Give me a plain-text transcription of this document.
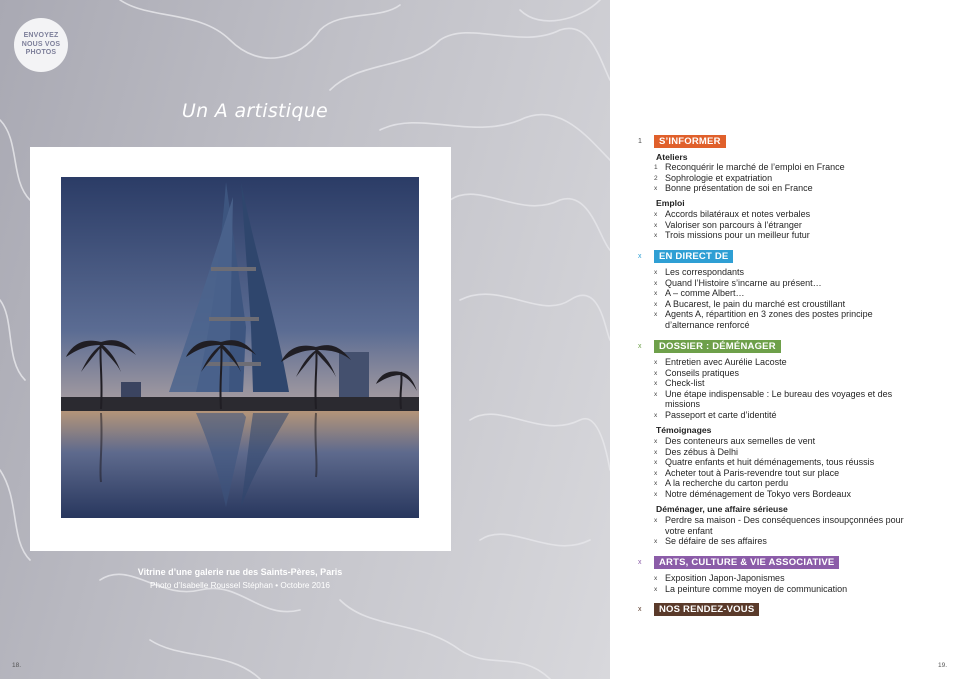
ENVOYEZ NOUS VOS PHOTOS
Un A artistique
Vitrine d’une galerie rue des Saints-Pères, Paris
Photo d’Isabelle Roussel Stéphan • Octobre 2016
18.
1	S’INFORMER
Ateliers
1 Reconquérir le marché de l’emploi en France
2 Sophrologie et expatriation
x Bonne présentation de soi en France
Emploi
x Accords bilatéraux et notes verbales
x Valoriser son parcours à l’étranger
x Trois missions pour un meilleur futur
x	EN DIRECT DE
x Les correspondants
x Quand l’Histoire s’incarne au présent…
x A – comme Albert…
x A Bucarest, le pain du marché est croustillant
x Agents A, répartition en 3 zones des postes principe d’alternance renforcé
x	DOSSIER : DÉMÉNAGER
x Entretien avec Aurélie Lacoste
x Conseils pratiques
x Check-list
x Une étape indispensable : Le bureau des voyages et des missions
x Passeport et carte d’identité
Témoignages
x Des conteneurs aux semelles de vent
x Des zébus à Delhi
x Quatre enfants et huit déménagements, tous réussis
x Acheter tout à Paris-revendre tout sur place
x A la recherche du carton perdu
x Notre déménagement de Tokyo vers Bordeaux
Déménager, une affaire sérieuse
x Perdre sa maison - Des conséquences insoupçonnées pour votre enfant
x Se défaire de ses affaires
x	ARTS, CULTURE & VIE ASSOCIATIVE
x Exposition Japon-Japonismes
x La peinture comme moyen de communication
x	NOS RENDEZ-VOUS
19.
